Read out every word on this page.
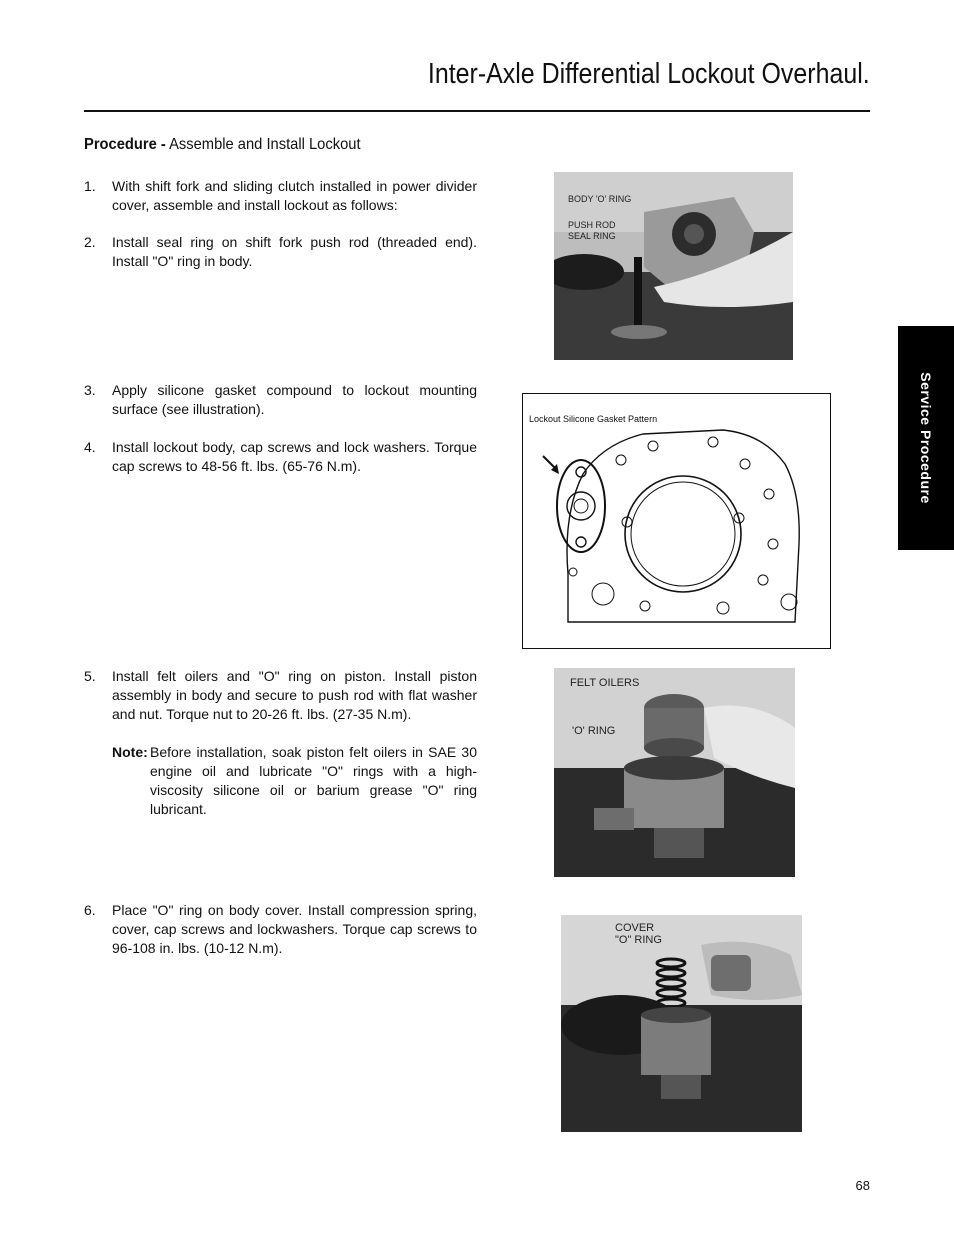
Inter-Axle Differential Lockout Overhaul.
Procedure - Assemble and Install Lockout
1. With shift fork and sliding clutch installed in power divider cover, assemble and install lockout as follows:
2. Install seal ring on shift fork push rod (threaded end). Install "O" ring in body.
3. Apply silicone gasket compound to lockout mounting surface (see illustration).
4. Install lockout body, cap screws and lock washers. Torque cap screws to 48-56 ft. lbs. (65-76 N.m).
5. Install felt oilers and "O" ring on piston. Install piston assembly in body and secure to push rod with flat washer and nut. Torque nut to 20-26 ft. lbs. (27-35 N.m).
Note: Before installation, soak piston felt oilers in SAE 30 engine oil and lubricate "O" rings with a high-viscosity silicone oil or barium grease "O" ring lubricant.
6. Place "O" ring on body cover. Install compression spring, cover, cap screws and lockwashers. Torque cap screws to 96-108 in. lbs. (10-12 N.m).
BODY 'O' RING
PUSH ROD
SEAL RING
Lockout Silicone Gasket Pattern
FELT OILERS
'O' RING
COVER
"O" RING
Service Procedure
68
